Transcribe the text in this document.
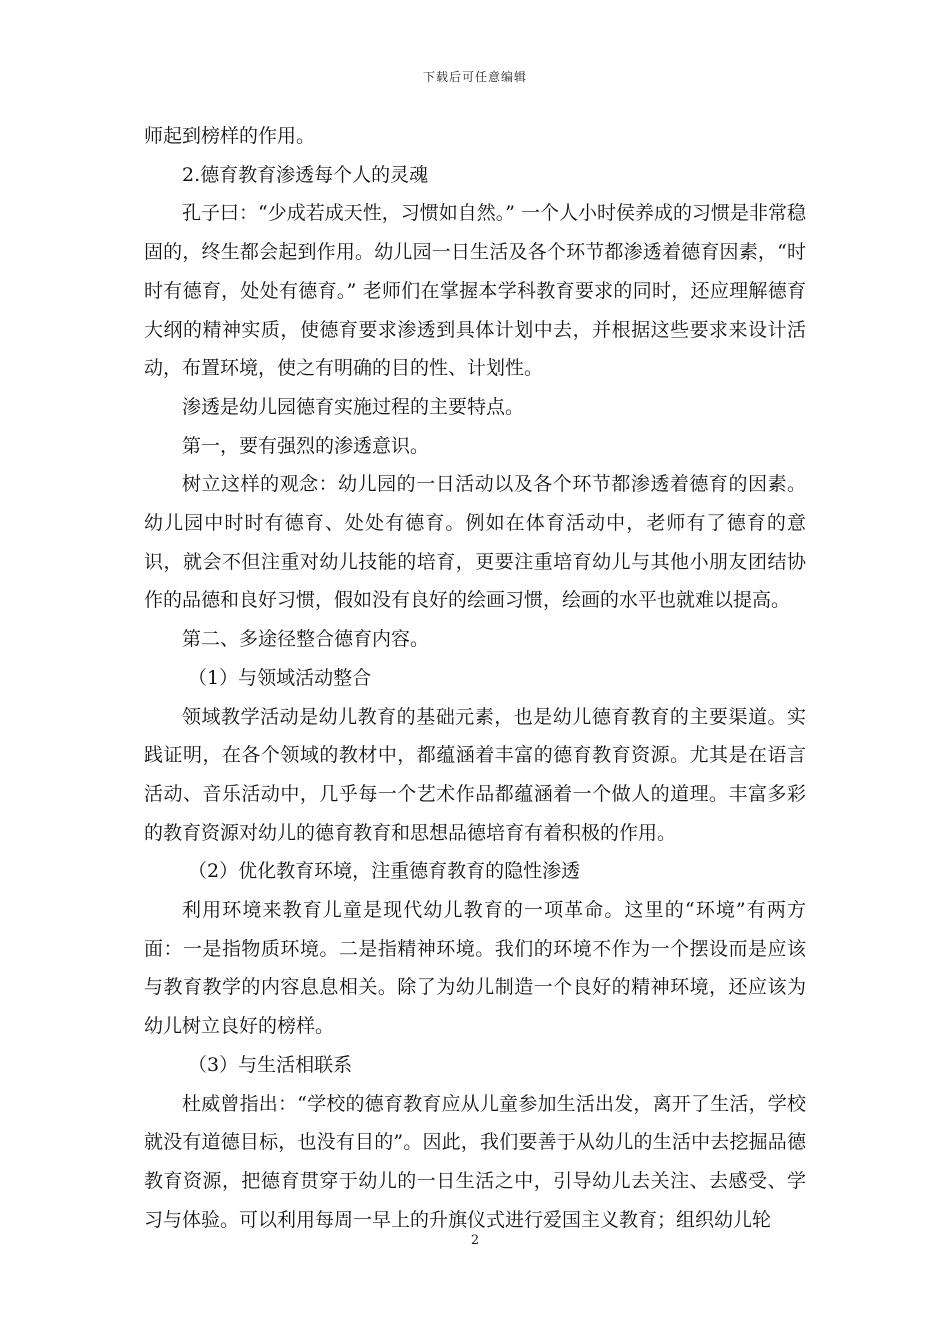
下载后可任意编辑

师起到榜样的作用。

2.德育教育渗透每个人的灵魂

孔子曰：“少成若成天性，习惯如自然。” 一个人小时侯养成的习惯是非常稳固的，终生都会起到作用。幼儿园一日生活及各个环节都渗透着德育因素，“时时有德育，处处有德育。” 老师们在掌握本学科教育要求的同时，还应理解德育大纲的精神实质，使德育要求渗透到具体计划中去，并根据这些要求来设计活动，布置环境，使之有明确的目的性、计划性。

渗透是幼儿园德育实施过程的主要特点。

第一，要有强烈的渗透意识。

树立这样的观念：幼儿园的一日活动以及各个环节都渗透着德育的因素。幼儿园中时时有德育、处处有德育。例如在体育活动中，老师有了德育的意识，就会不但注重对幼儿技能的培育，更要注重培育幼儿与其他小朋友团结协作的品德和良好习惯，假如没有良好的绘画习惯，绘画的水平也就难以提高。

第二、多途径整合德育内容。

（1）与领域活动整合

领域教学活动是幼儿教育的基础元素，也是幼儿德育教育的主要渠道。实践证明，在各个领域的教材中，都蕴涵着丰富的德育教育资源。尤其是在语言活动、音乐活动中，几乎每一个艺术作品都蕴涵着一个做人的道理。丰富多彩的教育资源对幼儿的德育教育和思想品德培育有着积极的作用。

（2）优化教育环境，注重德育教育的隐性渗透

利用环境来教育儿童是现代幼儿教育的一项革命。这里的“环境”有两方面：一是指物质环境。二是指精神环境。我们的环境不作为一个摆设而是应该与教育教学的内容息息相关。除了为幼儿制造一个良好的精神环境，还应该为幼儿树立良好的榜样。

（3）与生活相联系

杜威曾指出：“学校的德育教育应从儿童参加生活出发，离开了生活，学校就没有道德目标，也没有目的”。因此，我们要善于从幼儿的生活中去挖掘品德教育资源，把德育贯穿于幼儿的一日生活之中，引导幼儿去关注、去感受、学习与体验。可以利用每周一早上的升旗仪式进行爱国主义教育；组织幼儿轮

2
